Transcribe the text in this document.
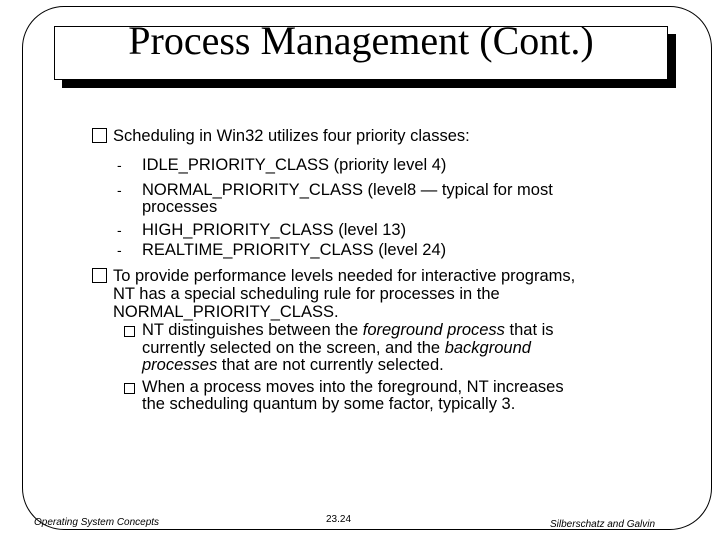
Process Management (Cont.)
Scheduling in Win32 utilizes four priority classes:
- IDLE_PRIORITY_CLASS (priority level 4)
- NORMAL_PRIORITY_CLASS (level8 — typical for most
processes
- HIGH_PRIORITY_CLASS (level 13)
- REALTIME_PRIORITY_CLASS (level 24)
To provide performance levels needed for interactive programs,
NT has a special scheduling rule for processes in the
NORMAL_PRIORITY_CLASS.
NT distinguishes between the foreground process that is
currently selected on the screen, and the background
processes that are not currently selected.
When a process moves into the foreground, NT increases
the scheduling quantum by some factor, typically 3.
Operating System Concepts	23.24	Silberschatz and Galvin
